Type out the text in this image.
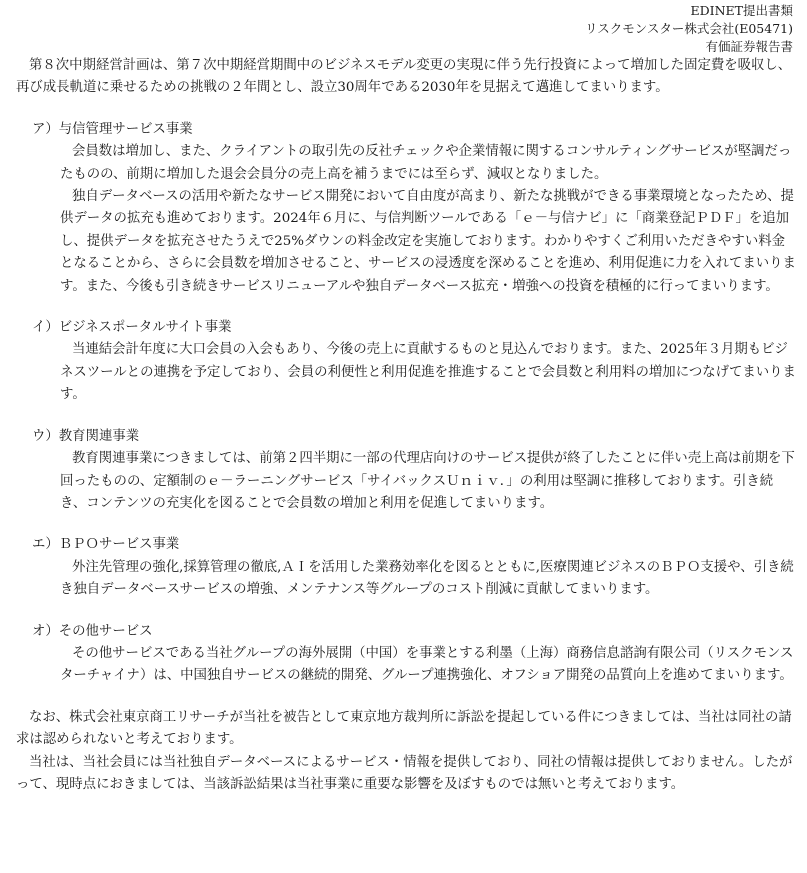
EDINET提出書類
リスクモンスター株式会社(E05471)
有価証券報告書

第８次中期経営計画は、第７次中期経営期間中のビジネスモデル変更の実現に伴う先行投資によって増加した固定費を吸収し、再び成長軌道に乗せるための挑戦の２年間とし、設立30周年である2030年を見据えて邁進してまいります。

ア）与信管理サービス事業

会員数は増加し、また、クライアントの取引先の反社チェックや企業情報に関するコンサルティングサービスが堅調だったものの、前期に増加した退会会員分の売上高を補うまでには至らず、減収となりました。

独自データベースの活用や新たなサービス開発において自由度が高まり、新たな挑戦ができる事業環境となったため、提供データの拡充も進めております。2024年６月に、与信判断ツールである「ｅ－与信ナビ」に「商業登記ＰＤＦ」を追加し、提供データを拡充させたうえで25%ダウンの料金改定を実施しております。わかりやすくご利用いただきやすい料金となることから、さらに会員数を増加させること、サービスの浸透度を深めることを進め、利用促進に力を入れてまいります。また、今後も引き続きサービスリニューアルや独自データベース拡充・増強への投資を積極的に行ってまいります。

イ）ビジネスポータルサイト事業

当連結会計年度に大口会員の入会もあり、今後の売上に貢献するものと見込んでおります。また、2025年３月期もビジネスツールとの連携を予定しており、会員の利便性と利用促進を推進することで会員数と利用料の増加につなげてまいります。

ウ）教育関連事業

教育関連事業につきましては、前第２四半期に一部の代理店向けのサービス提供が終了したことに伴い売上高は前期を下回ったものの、定額制のｅ－ラーニングサービス「サイバックスＵｎｉｖ．」の利用は堅調に推移しております。引き続き、コンテンツの充実化を図ることで会員数の増加と利用を促進してまいります。

エ）ＢＰＯサービス事業

外注先管理の強化,採算管理の徹底,ＡＩを活用した業務効率化を図るとともに,医療関連ビジネスのＢＰＯ支援や、引き続き独自データベースサービスの増強、メンテナンス等グループのコスト削減に貢献してまいります。

オ）その他サービス

その他サービスである当社グループの海外展開（中国）を事業とする利墨（上海）商務信息諮詢有限公司（リスクモンスターチャイナ）は、中国独自サービスの継続的開発、グループ連携強化、オフショア開発の品質向上を進めてまいります。

なお、株式会社東京商工リサーチが当社を被告として東京地方裁判所に訴訟を提起している件につきましては、当社は同社の請求は認められないと考えております。

当社は、当社会員には当社独自データベースによるサービス・情報を提供しており、同社の情報は提供しておりません。したがって、現時点におきましては、当該訴訟結果は当社事業に重要な影響を及ぼすものでは無いと考えております。
